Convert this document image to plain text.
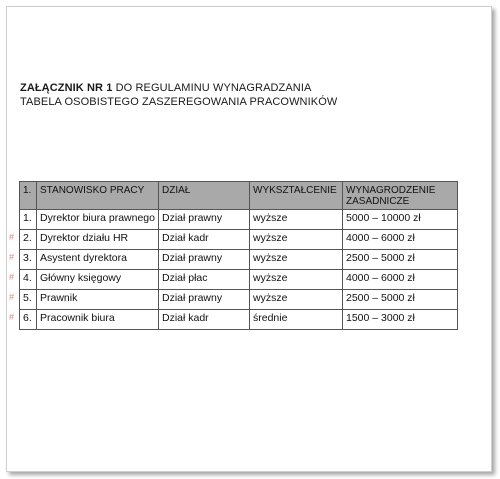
ZAŁĄCZNIK NR 1 DO REGULAMINU WYNAGRADZANIA
TABELA OSOBISTEGO ZASZEREGOWANIA PRACOWNIKÓW
1.	STANOWISKO PRACY	DZIAŁ	WYKSZTAŁCENIE	WYNAGRODZENIE ZASADNICZE

1.	Dyrektor biura prawnego	Dział prawny	wyższe	5000 – 10000 zł

# 2.	Dyrektor działu HR	Dział kadr	wyższe	4000 – 6000 zł

# 3.	Asystent dyrektora	Dział prawny	wyższe	2500 – 5000 zł

# 4.	Główny księgowy	Dział płac	wyższe	4000 – 6000 zł

# 5.	Prawnik	Dział prawny	wyższe	2500 – 5000 zł

# 6.	Pracownik biura	Dział kadr	średnie	1500 – 3000 zł
